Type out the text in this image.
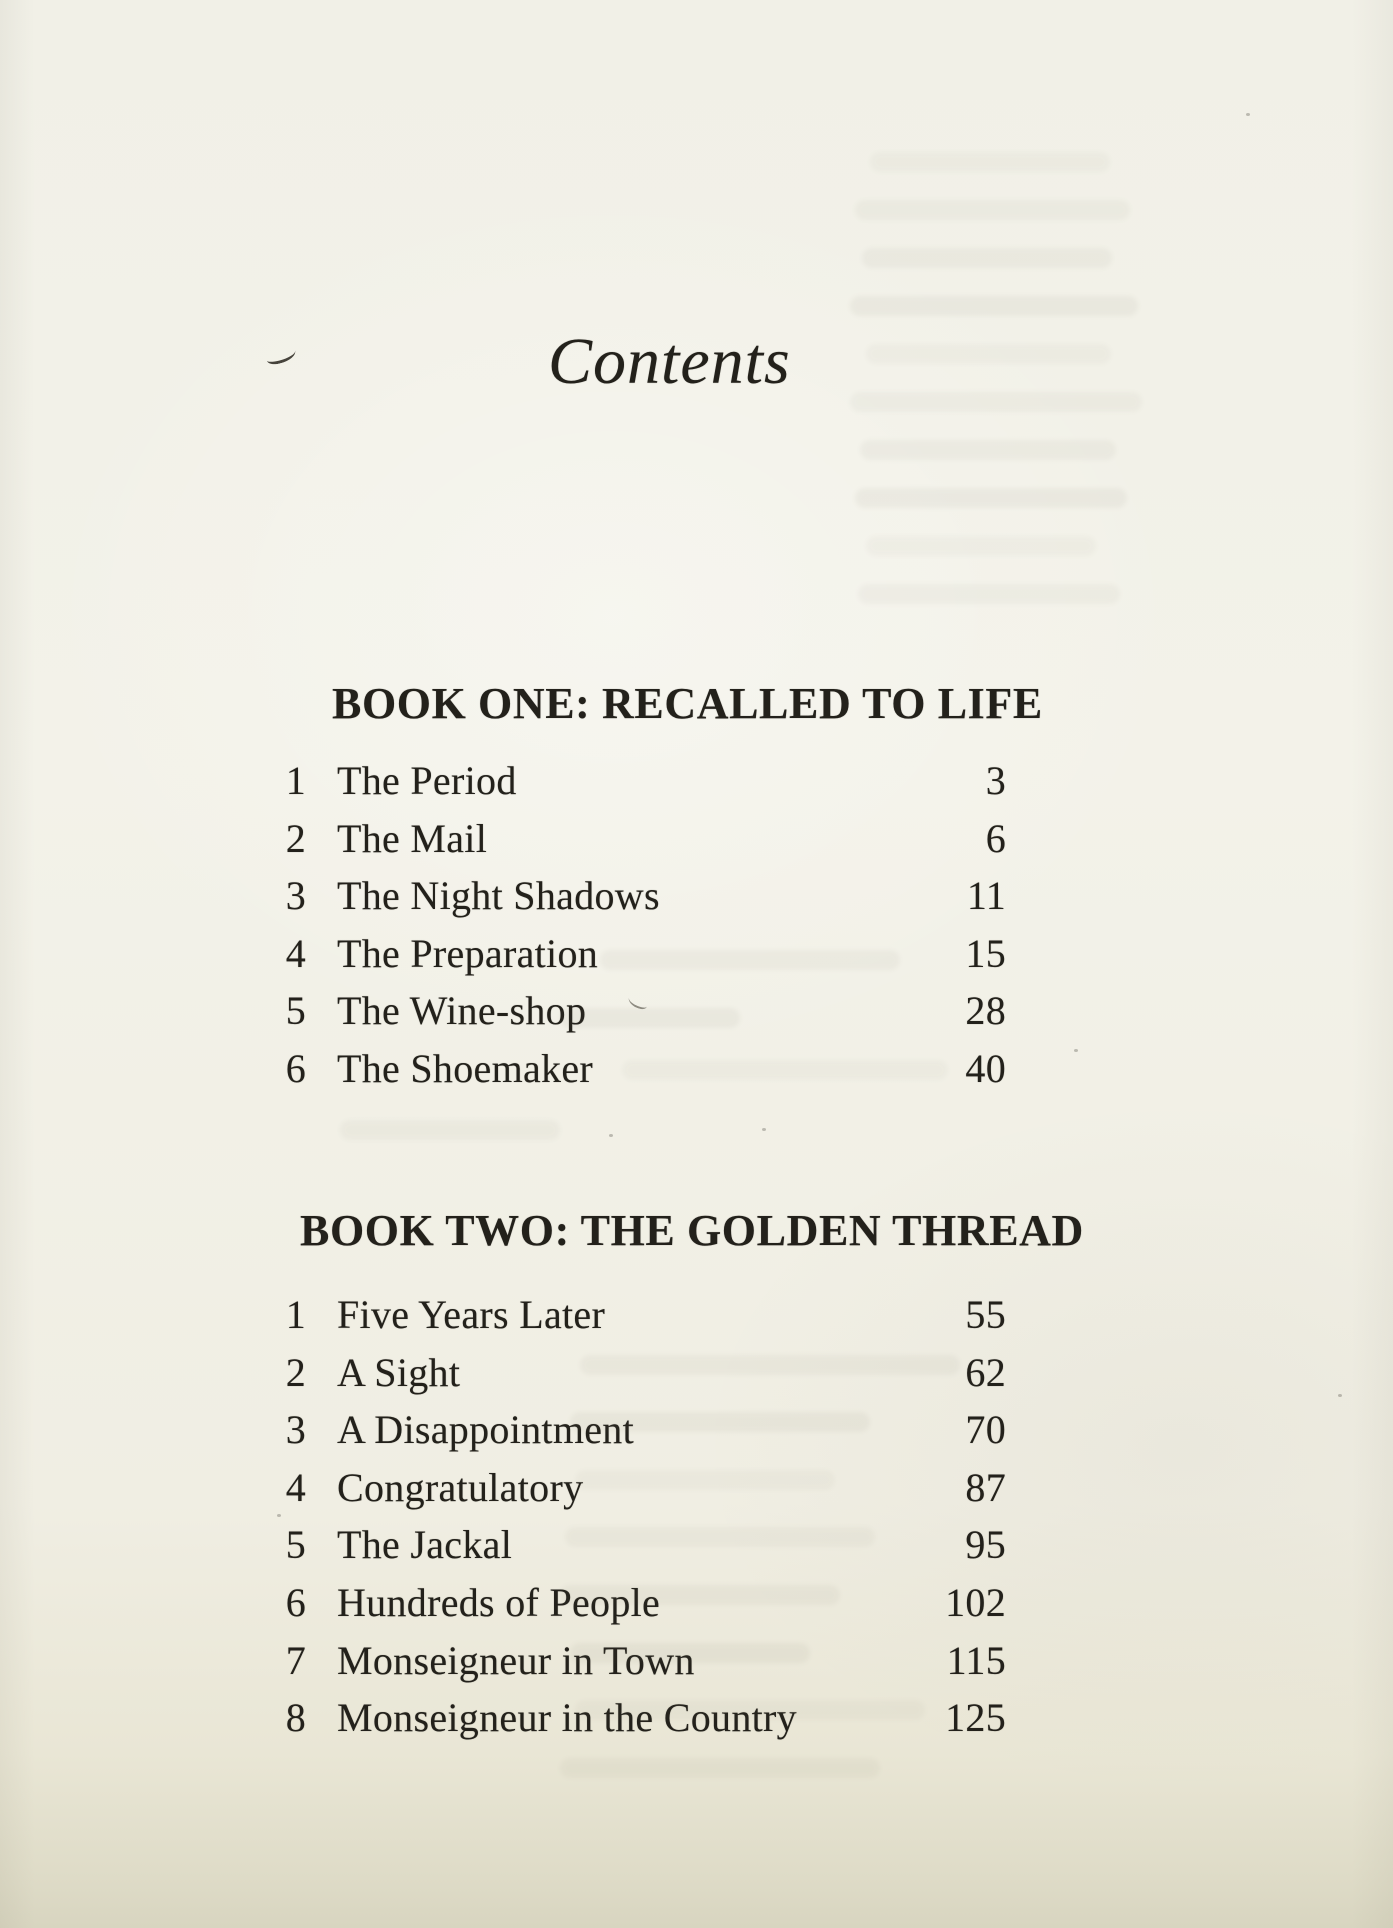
Contents
BOOK ONE: RECALLED TO LIFE
1 The Period	3
2 The Mail	6
3 The Night Shadows	11
4 The Preparation	15
5 The Wine-shop	28
6 The Shoemaker	40
BOOK TWO: THE GOLDEN THREAD
1 Five Years Later	55
2 A Sight	62
3 A Disappointment	70
4 Congratulatory	87
5 The Jackal	95
6 Hundreds of People	102
7 Monseigneur in Town	115
8 Monseigneur in the Country	125
